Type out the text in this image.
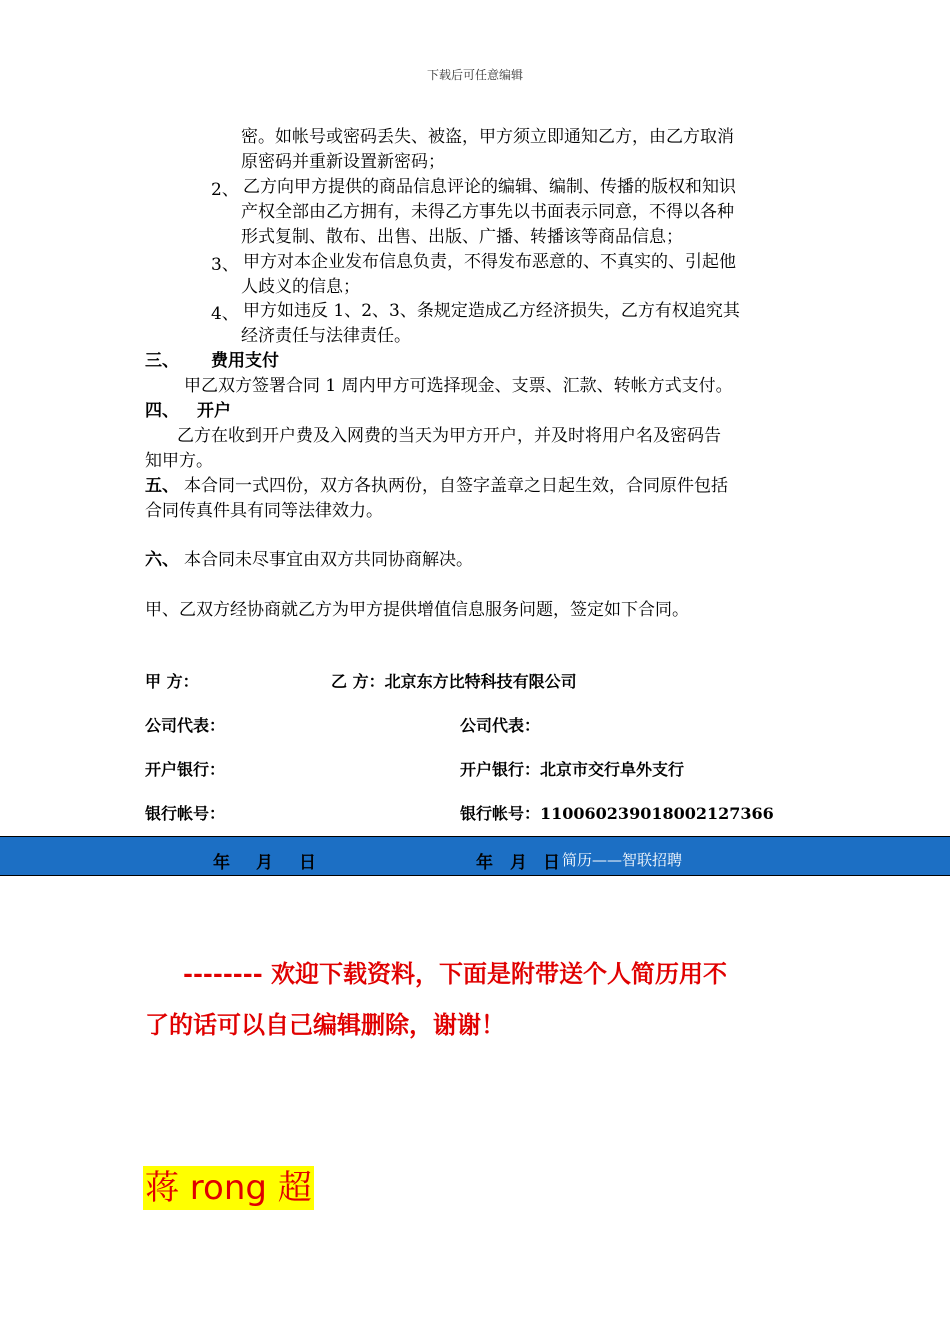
下载后可任意编辑
密。如帐号或密码丢失、被盗，甲方须立即通知乙方，由乙方取消
原密码并重新设置新密码；
2、 乙方向甲方提供的商品信息评论的编辑、编制、传播的版权和知识
产权全部由乙方拥有，未得乙方事先以书面表示同意，不得以各种
形式复制、散布、出售、出版、广播、转播该等商品信息；
3、 甲方对本企业发布信息负责，不得发布恶意的、不真实的、引起他
人歧义的信息；
4、 甲方如违反 1、2、3、条规定造成乙方经济损失，乙方有权追究其
经济责任与法律责任。
三、 费用支付
甲乙双方签署合同 1 周内甲方可选择现金、支票、汇款、转帐方式支付。
四、 开户
乙方在收到开户费及入网费的当天为甲方开户，并及时将用户名及密码告
知甲方。
五、 本合同一式四份，双方各执两份，自签字盖章之日起生效，合同原件包括
合同传真件具有同等法律效力。
六、 本合同未尽事宜由双方共同协商解决。
甲、乙双方经协商就乙方为甲方提供增值信息服务问题，签定如下合同。
甲 方：	乙 方：北京东方比特科技有限公司
公司代表：	公司代表：
开户银行：	开户银行：北京市交行阜外支行
银行帐号：	银行帐号：110060239018002127366
年 月 日	年 月 日 简历——智联招聘
-------- 欢迎下载资料，下面是附带送个人简历用不
了的话可以自己编辑删除，谢谢！
蒋 rong 超
